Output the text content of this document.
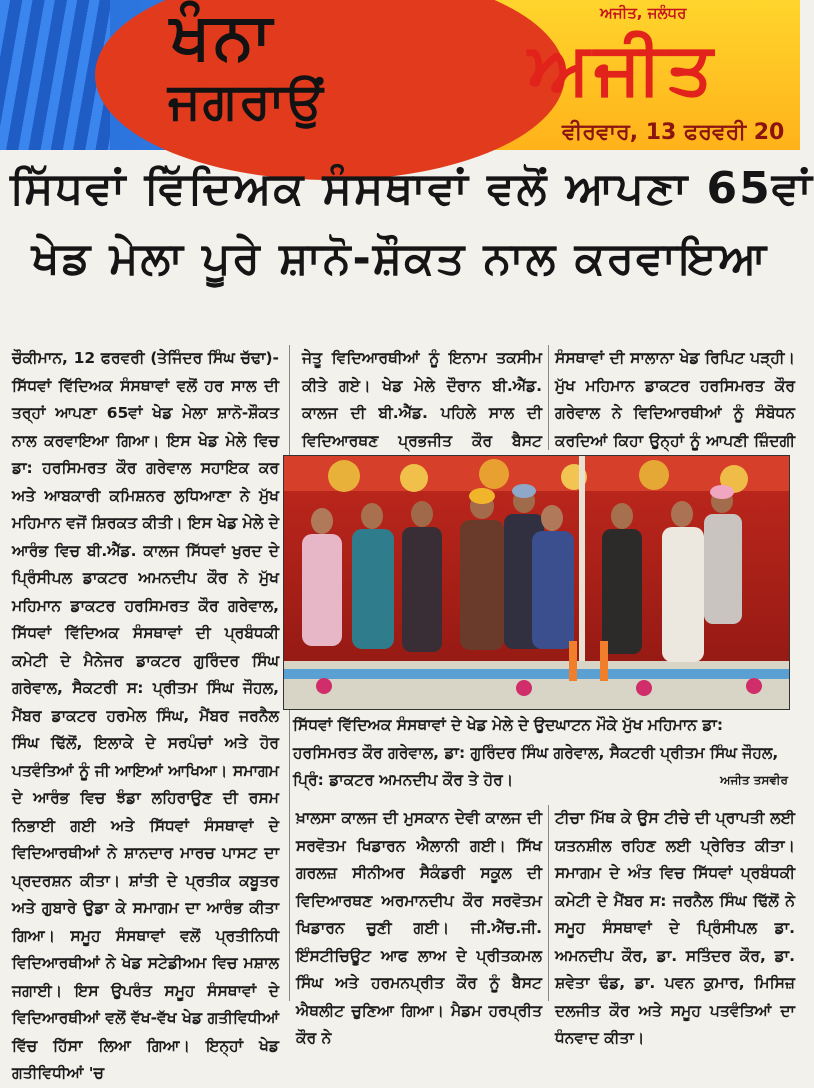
ਖੰਨਾ
ਜਗਰਾਉਂ
ਅਜੀਤ, ਜਲੰਧਰ
ਅਜੀਤ
ਵੀਰਵਾਰ, 13 ਫਰਵਰੀ 20
ਸਿੱਧਵਾਂ ਵਿੱਦਿਅਕ ਸੰਸਥਾਵਾਂ ਵਲੋਂ ਆਪਣਾ 65ਵਾਂ
ਖੇਡ ਮੇਲਾ ਪੂਰੇ ਸ਼ਾਨੋ-ਸ਼ੌਕਤ ਨਾਲ ਕਰਵਾਇਆ

ਚੌਕੀਮਾਨ, 12 ਫਰਵਰੀ (ਤੇਜਿੰਦਰ ਸਿੰਘ ਚੱਢਾ)-ਸਿੱਧਵਾਂ ਵਿੱਦਿਅਕ ਸੰਸਥਾਵਾਂ ਵਲੋਂ ਹਰ ਸਾਲ ਦੀ ਤਰ੍ਹਾਂ ਆਪਣਾ 65ਵਾਂ ਖੇਡ ਮੇਲਾ ਸ਼ਾਨੋ-ਸ਼ੌਕਤ ਨਾਲ ਕਰਵਾਇਆ ਗਿਆ। ਇਸ ਖੇਡ ਮੇਲੇ ਵਿਚ ਡਾ: ਹਰਸਿਮਰਤ ਕੌਰ ਗਰੇਵਾਲ ਸਹਾਇਕ ਕਰ ਅਤੇ ਆਬਕਾਰੀ ਕਮਿਸ਼ਨਰ ਲੁਧਿਆਣਾ ਨੇ ਮੁੱਖ ਮਹਿਮਾਨ ਵਜੋਂ ਸ਼ਿਰਕਤ ਕੀਤੀ। ਇਸ ਖੇਡ ਮੇਲੇ ਦੇ ਆਰੰਭ ਵਿਚ ਬੀ.ਐੱਡ. ਕਾਲਜ ਸਿੱਧਵਾਂ ਖੁਰਦ ਦੇ ਪ੍ਰਿੰਸੀਪਲ ਡਾਕਟਰ ਅਮਨਦੀਪ ਕੌਰ ਨੇ ਮੁੱਖ ਮਹਿਮਾਨ ਡਾਕਟਰ ਹਰਸਿਮਰਤ ਕੌਰ ਗਰੇਵਾਲ, ਸਿੱਧਵਾਂ ਵਿੱਦਿਅਕ ਸੰਸਥਾਵਾਂ ਦੀ ਪ੍ਰਬੰਧਕੀ ਕਮੇਟੀ ਦੇ ਮੈਨੇਜਰ ਡਾਕਟਰ ਗੁਰਿੰਦਰ ਸਿੰਘ ਗਰੇਵਾਲ, ਸੈਕਟਰੀ ਸ: ਪ੍ਰੀਤਮ ਸਿੰਘ ਜੌਹਲ, ਮੈਂਬਰ ਡਾਕਟਰ ਹਰਮੇਲ ਸਿੰਘ, ਮੈਂਬਰ ਜਰਨੈਲ ਸਿੰਘ ਢਿੱਲੋਂ, ਇਲਾਕੇ ਦੇ ਸਰਪੰਚਾਂ ਅਤੇ ਹੋਰ ਪਤਵੰਤਿਆਂ ਨੂੰ ਜੀ ਆਇਆਂ ਆਖਿਆ। ਸਮਾਗਮ ਦੇ ਆਰੰਭ ਵਿਚ ਝੰਡਾ ਲਹਿਰਾਉਣ ਦੀ ਰਸਮ ਨਿਭਾਈ ਗਈ ਅਤੇ ਸਿੱਧਵਾਂ ਸੰਸਥਾਵਾਂ ਦੇ ਵਿਦਿਆਰਥੀਆਂ ਨੇ ਸ਼ਾਨਦਾਰ ਮਾਰਚ ਪਾਸਟ ਦਾ ਪ੍ਰਦਰਸ਼ਨ ਕੀਤਾ। ਸ਼ਾਂਤੀ ਦੇ ਪ੍ਰਤੀਕ ਕਬੂਤਰ ਅਤੇ ਗੁਬਾਰੇ ਉਡਾ ਕੇ ਸਮਾਗਮ ਦਾ ਆਰੰਭ ਕੀਤਾ ਗਿਆ। ਸਮੂਹ ਸੰਸਥਾਵਾਂ ਵਲੋਂ ਪ੍ਰਤੀਨਿਧੀ ਵਿਦਿਆਰਥੀਆਂ ਨੇ ਖੇਡ ਸਟੇਡੀਅਮ ਵਿਚ ਮਸ਼ਾਲ ਜਗਾਈ। ਇਸ ਉਪਰੰਤ ਸਮੂਹ ਸੰਸਥਾਵਾਂ ਦੇ ਵਿਦਿਆਰਥੀਆਂ ਵਲੋਂ ਵੱਖ-ਵੱਖ ਖੇਡ ਗਤੀਵਿਧੀਆਂ ਵਿੱਚ ਹਿੱਸਾ ਲਿਆ ਗਿਆ। ਇਨ੍ਹਾਂ ਖੇਡ ਗਤੀਵਿਧੀਆਂ 'ਚ

ਜੇਤੂ ਵਿਦਿਆਰਥੀਆਂ ਨੂੰ ਇਨਾਮ ਤਕਸੀਮ ਕੀਤੇ ਗਏ। ਖੇਡ ਮੇਲੇ ਦੌਰਾਨ ਬੀ.ਐੱਡ. ਕਾਲਜ ਦੀ ਬੀ.ਐੱਡ. ਪਹਿਲੇ ਸਾਲ ਦੀ ਵਿਦਿਆਰਥਣ ਪ੍ਰਭਜੀਤ ਕੌਰ ਬੈਸਟ

ਸੰਸਥਾਵਾਂ ਦੀ ਸਾਲਾਨਾ ਖੇਡ ਰਿਪਿਟ ਪੜ੍ਹੀ। ਮੁੱਖ ਮਹਿਮਾਨ ਡਾਕਟਰ ਹਰਸਿਮਰਤ ਕੌਰ ਗਰੇਵਾਲ ਨੇ ਵਿਦਿਆਰਥੀਆਂ ਨੂੰ ਸੰਬੋਧਨ ਕਰਦਿਆਂ ਕਿਹਾ ਉਨ੍ਹਾਂ ਨੂੰ ਆਪਣੀ ਜ਼ਿੰਦਗੀ

ਸਿੱਧਵਾਂ ਵਿੱਦਿਅਕ ਸੰਸਥਾਵਾਂ ਦੇ ਖੇਡ ਮੇਲੇ ਦੇ ਉਦਘਾਟਨ ਮੌਕੇ ਮੁੱਖ ਮਹਿਮਾਨ ਡਾ: ਹਰਸਿਮਰਤ ਕੌਰ ਗਰੇਵਾਲ, ਡਾ: ਗੁਰਿੰਦਰ ਸਿੰਘ ਗਰੇਵਾਲ, ਸੈਕਟਰੀ ਪ੍ਰੀਤਮ ਸਿੰਘ ਜੌਹਲ, ਪ੍ਰਿੰ: ਡਾਕਟਰ ਅਮਨਦੀਪ ਕੌਰ ਤੇ ਹੋਰ।	ਅਜੀਤ ਤਸਵੀਰ

ਖ਼ਾਲਸਾ ਕਾਲਜ ਦੀ ਮੁਸਕਾਨ ਦੇਵੀ ਕਾਲਜ ਦੀ ਸਰਵੋਤਮ ਖਿਡਾਰਨ ਐਲਾਨੀ ਗਈ। ਸਿੱਖ ਗਰਲਜ਼ ਸੀਨੀਅਰ ਸੈਕੰਡਰੀ ਸਕੂਲ ਦੀ ਵਿਦਿਆਰਥਣ ਅਰਮਾਨਦੀਪ ਕੌਰ ਸਰਵੋਤਮ ਖਿਡਾਰਨ ਚੁਣੀ ਗਈ। ਜੀ.ਐੱਚ.ਜੀ. ਇੰਸਟੀਚਿਊਟ ਆਫ ਲਾਅ ਦੇ ਪ੍ਰੀਤਕਮਲ ਸਿੰਘ ਅਤੇ ਹਰਮਨਪ੍ਰੀਤ ਕੌਰ ਨੂੰ ਬੈਸਟ ਐਥਲੀਟ ਚੁਣਿਆ ਗਿਆ। ਮੈਡਮ ਹਰਪ੍ਰੀਤ ਕੌਰ ਨੇ

ਟੀਚਾ ਮਿੱਥ ਕੇ ਉਸ ਟੀਚੇ ਦੀ ਪ੍ਰਾਪਤੀ ਲਈ ਯਤਨਸ਼ੀਲ ਰਹਿਣ ਲਈ ਪ੍ਰੇਰਿਤ ਕੀਤਾ। ਸਮਾਗਮ ਦੇ ਅੰਤ ਵਿਚ ਸਿੱਧਵਾਂ ਪ੍ਰਬੰਧਕੀ ਕਮੇਟੀ ਦੇ ਮੈਂਬਰ ਸ: ਜਰਨੈਲ ਸਿੰਘ ਢਿੱਲੋਂ ਨੇ ਸਮੂਹ ਸੰਸਥਾਵਾਂ ਦੇ ਪ੍ਰਿੰਸੀਪਲ ਡਾ. ਅਮਨਦੀਪ ਕੌਰ, ਡਾ. ਸਤਿੰਦਰ ਕੌਰ, ਡਾ. ਸ਼ਵੇਤਾ ਢੰਡ, ਡਾ. ਪਵਨ ਕੁਮਾਰ, ਮਿਸਿਜ਼ ਦਲਜੀਤ ਕੌਰ ਅਤੇ ਸਮੂਹ ਪਤਵੰਤਿਆਂ ਦਾ ਧੰਨਵਾਦ ਕੀਤਾ।
